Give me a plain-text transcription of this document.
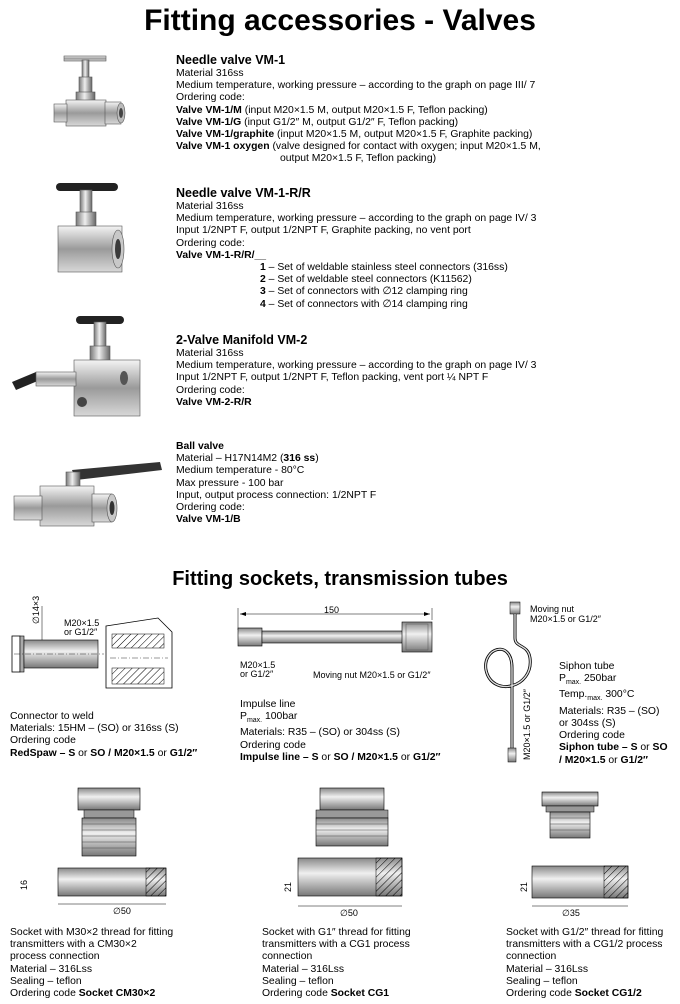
Fitting accessories - Valves
Needle valve VM-1
Material 316ss
Medium temperature, working pressure – according to the graph on page III/ 7
Ordering code:
Valve VM-1/M (input M20×1.5 M, output M20×1.5 F, Teflon packing)
Valve VM-1/G (input G1/2″ M, output G1/2″ F, Teflon packing)
Valve VM-1/graphite (input M20×1.5 M, output M20×1.5 F, Graphite packing)
Valve VM-1 oxygen (valve designed for contact with oxygen; input M20×1.5 M,
output M20×1.5 F, Teflon packing)
Needle valve VM-1-R/R
Material 316ss
Medium temperature, working pressure – according to the graph on page IV/ 3
Input 1/2NPT F, output 1/2NPT F, Graphite packing, no vent port
Ordering code:
Valve VM-1-R/R/__
1 – Set of weldable stainless steel connectors (316ss)
2 – Set of weldable steel connectors (K11562)
3 – Set of connectors with ∅12 clamping ring
4 – Set of connectors with ∅14 clamping ring
2-Valve Manifold VM-2
Material 316ss
Medium temperature, working pressure – according to the graph on page IV/ 3
Input 1/2NPT F, output 1/2NPT F, Teflon packing, vent port ¼ NPT F
Ordering code:
Valve VM-2-R/R
Ball valve
Material – H17N14M2 (316 ss)
Medium temperature - 80°C
Max pressure - 100 bar
Input, output process connection: 1/2NPT F
Ordering code:
Valve VM-1/B
Fitting sockets, transmission tubes
∅14×3	M20×1.5
or G1/2″
Connector to weld
Materials: 15HM – (SO) or 316ss (S)
Ordering code
RedSpaw – S or SO / M20×1.5 or G1/2″
150
M20×1.5
or G1/2″	Moving nut M20×1.5 or G1/2″
Impulse line
$P_{max.}$ 100bar
Materials: R35 – (SO) or 304ss (S)
Ordering code
Impulse line – S or SO / M20×1.5 or G1/2″
Moving nut
M20×1.5 or G1/2″
M20×1.5 or G1/2″
Siphon tube
$P_{max.}$ 250bar
$Temp._{max.}$ 300°C
Materials: R35 – (SO)
or 304ss (S)
Ordering code
Siphon tube – S or SO
/ M20×1.5 or G1/2″
16
∅50
21
∅50
21
∅35
Socket with M30×2 thread for fitting
transmitters with a CM30×2
process connection
Material – 316Lss
Sealing – teflon
Ordering code Socket CM30×2
Socket with G1″ thread for fitting
transmitters with a CG1 process
connection
Material – 316Lss
Sealing – teflon
Ordering code Socket CG1
Socket with G1/2″ thread for fitting
transmitters with a CG1/2 process
connection
Material – 316Lss
Sealing – teflon
Ordering code Socket CG1/2
